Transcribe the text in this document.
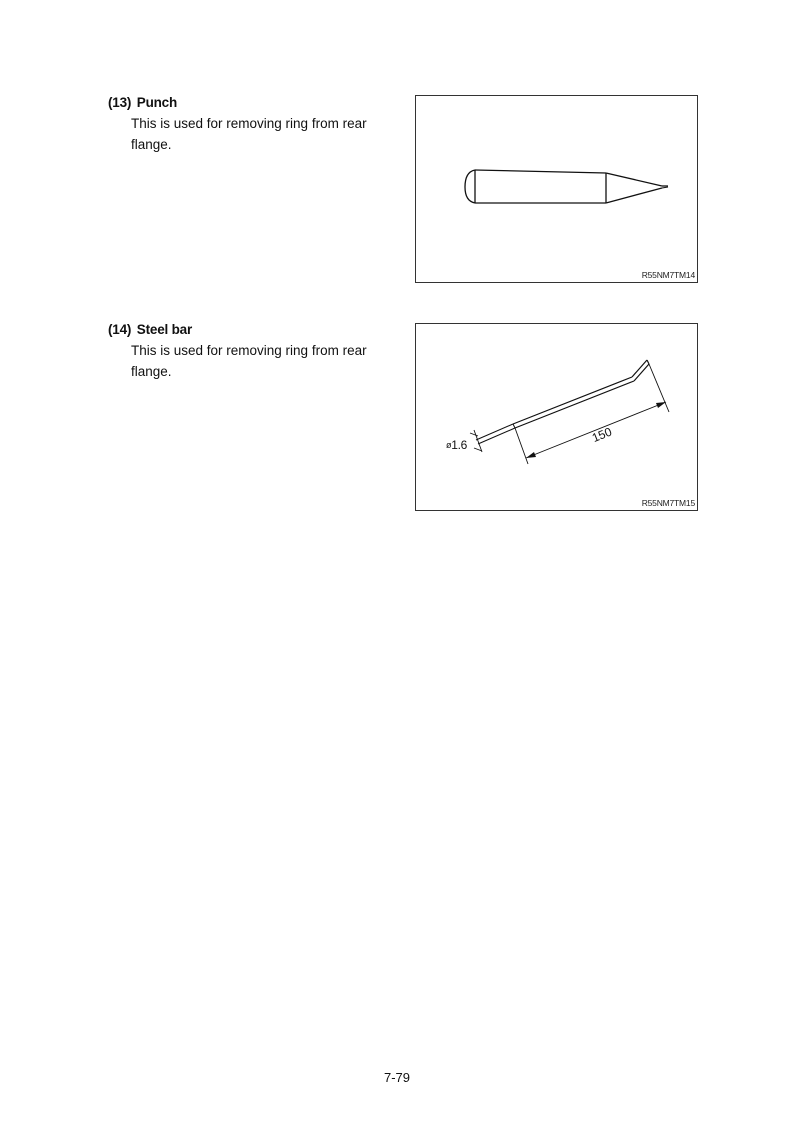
(13) Punch
This is used for removing ring from rear flange.
R55NM7TM14
(14) Steel bar
This is used for removing ring from rear flange.
ø1.6
150
R55NM7TM15
7-79
